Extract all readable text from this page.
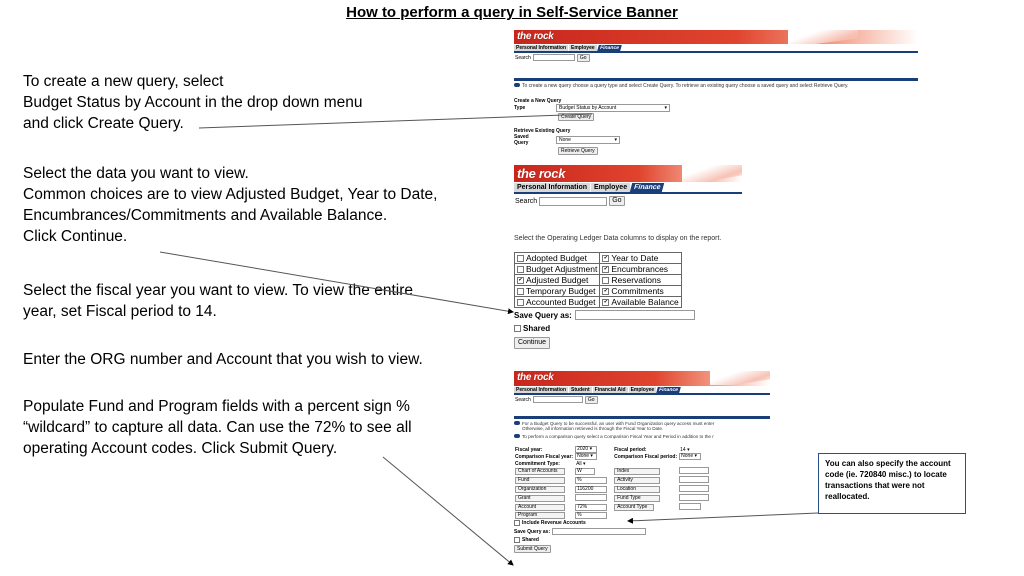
How to perform a query in Self-Service Banner
To create a new query, select
Budget Status by Account in the drop down menu
and click Create Query.
Select the data you want to view.
Common choices are to view Adjusted Budget, Year to Date,
Encumbrances/Commitments and Available Balance.
Click Continue.
Select the fiscal year you want to view. To view the entire
year, set Fiscal period to 14.
Enter the ORG number and Account that you wish to view.
Populate Fund and Program fields with a percent sign %
“wildcard” to capture all data. Can use the 72% to see all
operating Account codes. Click Submit Query.
the rock
Personal Information	Employee Finance
Search	Go
To create a new query choose a query type and select Create Query. To retrieve an existing query choose a saved query and select Retrieve Query.
Create a New Query
Type	Budget Status by Account	▾
Create Query
Retrieve Existing Query
Saved Query	None	▾
Retrieve Query
the rock
Personal Information	Employee Finance
Search	Go
Select the Operating Ledger Data columns to display on the report.
Adopted Budget	✔ Year to Date
Budget Adjustment	✔ Encumbrances
✔ Adjusted Budget	Reservations
Temporary Budget	✔ Commitments
Accounted Budget	✔ Available Balance
Save Query as:
Shared
Continue
the rock
Personal Information	Student	Financial Aid	Employee Finance
Search	Go
For a Budget Query to be successful, an user with Fund Organization query access must enter
Otherwise, all information retrieved is through the Fiscal Year to Date.
To perform a comparison query select a Comparison Fiscal Year and Period in addition to the r
Fiscal year:	2020 ▾	Fiscal period:	14 ▾
Comparison Fiscal year:	None ▾	Comparison Fiscal period:	None ▾
Commitment Type:	All ▾		
Chart of Accounts	W	Index	
Fund	%	Activity	
Organization	116200	Location	
Grant		Fund Type	
Account	72%	Account Type	
Program	%		
Include Revenue Accounts
Save Query as:
Shared
Submit Query
You can also specify the account code (ie. 720840 misc.) to locate transactions that were not reallocated.
